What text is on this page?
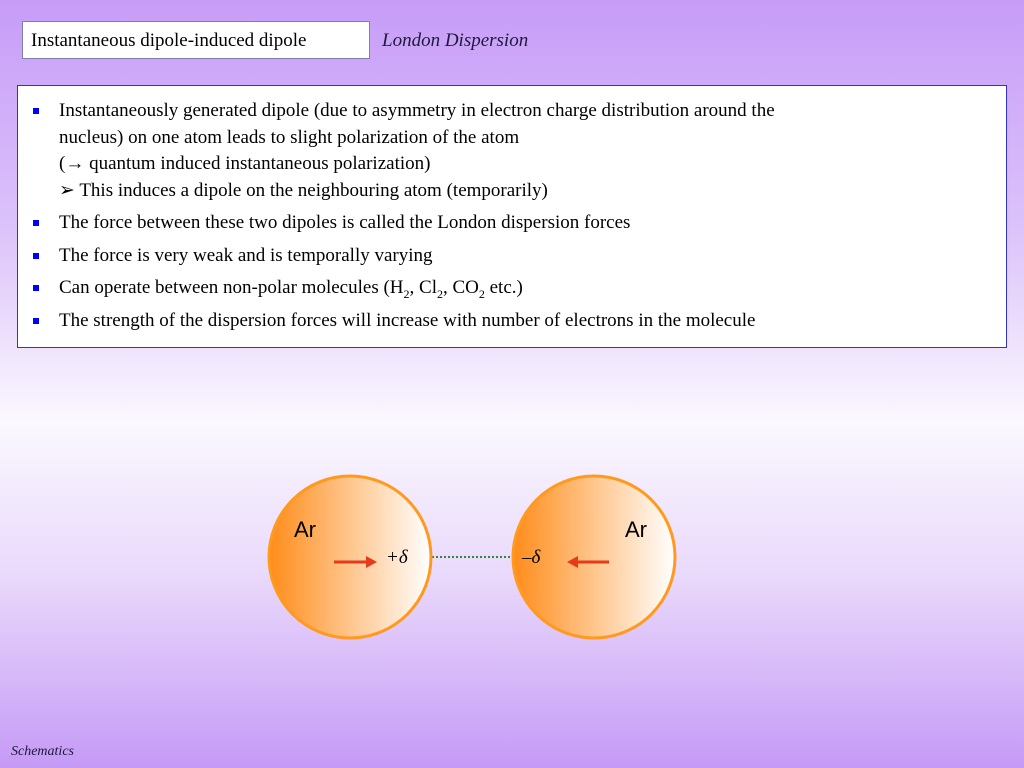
Instantaneous dipole-induced dipole	London Dispersion
Instantaneously generated dipole (due to asymmetry in electron charge distribution around the
nucleus) on one atom leads to slight polarization of the atom
(→ quantum induced instantaneous polarization)
➢ This induces a dipole on the neighbouring atom (temporarily)
The force between these two dipoles is called the London dispersion forces
The force is very weak and is temporally varying
Can operate between non-polar molecules ($H_2$, $Cl_2$, $CO_2$ etc.)
The strength of the dispersion forces will increase with number of electrons in the molecule
Ar	Ar
+δ	–δ
Schematics
